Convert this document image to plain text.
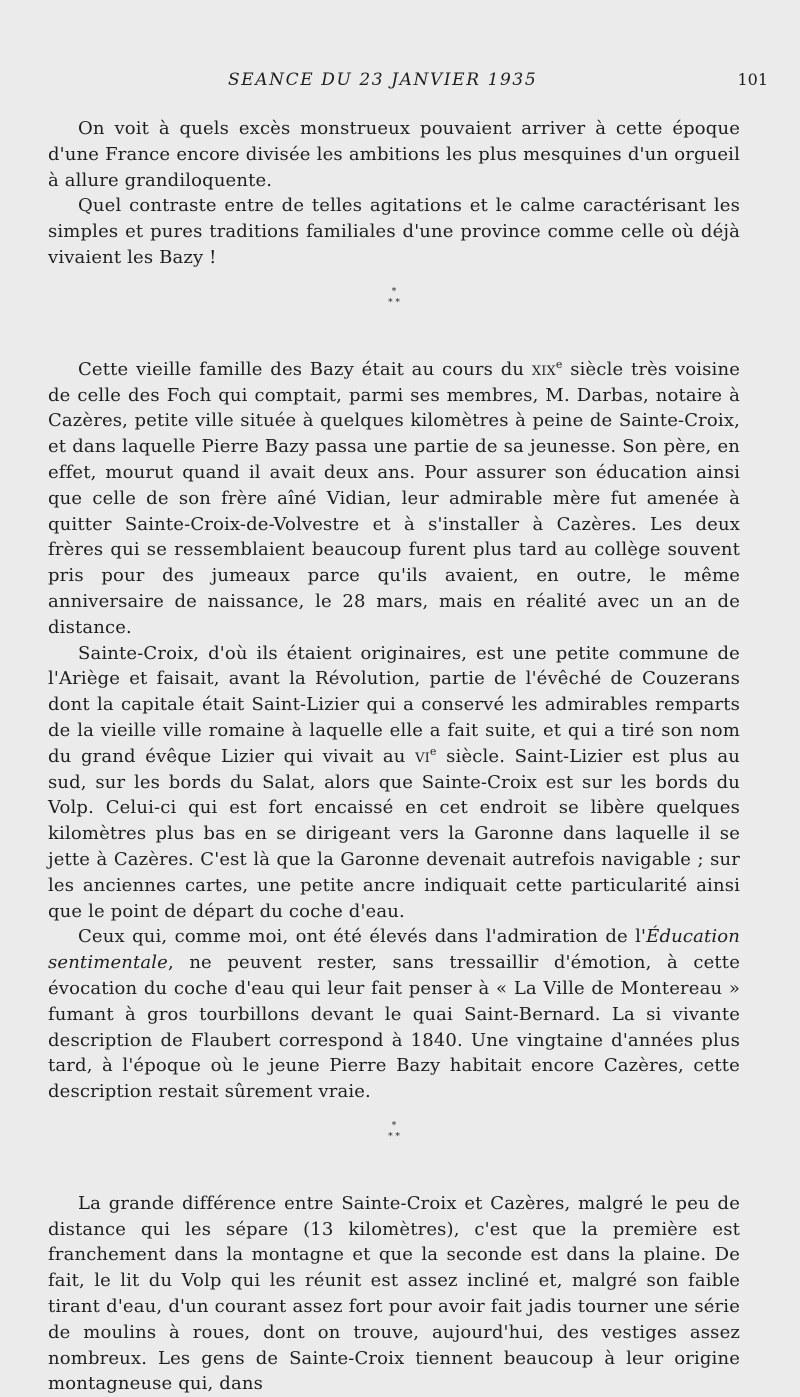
SEANCE DU 23 JANVIER 1935	101

On voit à quels excès monstrueux pouvaient arriver à cette époque d'une France encore divisée les ambitions les plus mesquines d'un orgueil à allure grandiloquente.

Quel contraste entre de telles agitations et le calme caractérisant les simples et pures traditions familiales d'une province comme celle où déjà vivaient les Bazy !

*
* *

Cette vieille famille des Bazy était au cours du xix$^e$ siècle très voisine de celle des Foch qui comptait, parmi ses membres, M. Darbas, notaire à Cazères, petite ville située à quelques kilomètres à peine de Sainte-Croix, et dans laquelle Pierre Bazy passa une partie de sa jeunesse. Son père, en effet, mourut quand il avait deux ans. Pour assurer son éducation ainsi que celle de son frère aîné Vidian, leur admirable mère fut amenée à quitter Sainte-Croix-de-Volvestre et à s'installer à Cazères. Les deux frères qui se ressemblaient beaucoup furent plus tard au collège souvent pris pour des jumeaux parce qu'ils avaient, en outre, le même anniversaire de naissance, le 28 mars, mais en réalité avec un an de distance.

Sainte-Croix, d'où ils étaient originaires, est une petite commune de l'Ariège et faisait, avant la Révolution, partie de l'évêché de Couzerans dont la capitale était Saint-Lizier qui a conservé les admirables remparts de la vieille ville romaine à laquelle elle a fait suite, et qui a tiré son nom du grand évêque Lizier qui vivait au $vi^e$ siècle. Saint-Lizier est plus au sud, sur les bords du Salat, alors que Sainte-Croix est sur les bords du Volp. Celui-ci qui est fort encaissé en cet endroit se libère quelques kilomètres plus bas en se dirigeant vers la Garonne dans laquelle il se jette à Cazères. C'est là que la Garonne devenait autrefois navigable ; sur les anciennes cartes, une petite ancre indiquait cette particularité ainsi que le point de départ du coche d'eau.

Ceux qui, comme moi, ont été élevés dans l'admiration de l'Éducation sentimentale, ne peuvent rester, sans tressaillir d'émotion, à cette évocation du coche d'eau qui leur fait penser à « La Ville de Montereau » fumant à gros tourbillons devant le quai Saint-Bernard. La si vivante description de Flaubert correspond à 1840. Une vingtaine d'années plus tard, à l'époque où le jeune Pierre Bazy habitait encore Cazères, cette description restait sûrement vraie.

*
* *

La grande différence entre Sainte-Croix et Cazères, malgré le peu de distance qui les sépare (13 kilomètres), c'est que la première est franchement dans la montagne et que la seconde est dans la plaine. De fait, le lit du Volp qui les réunit est assez incliné et, malgré son faible tirant d'eau, d'un courant assez fort pour avoir fait jadis tourner une série de moulins à roues, dont on trouve, aujourd'hui, des vestiges assez nombreux. Les gens de Sainte-Croix tiennent beaucoup à leur origine montagneuse qui, dans
